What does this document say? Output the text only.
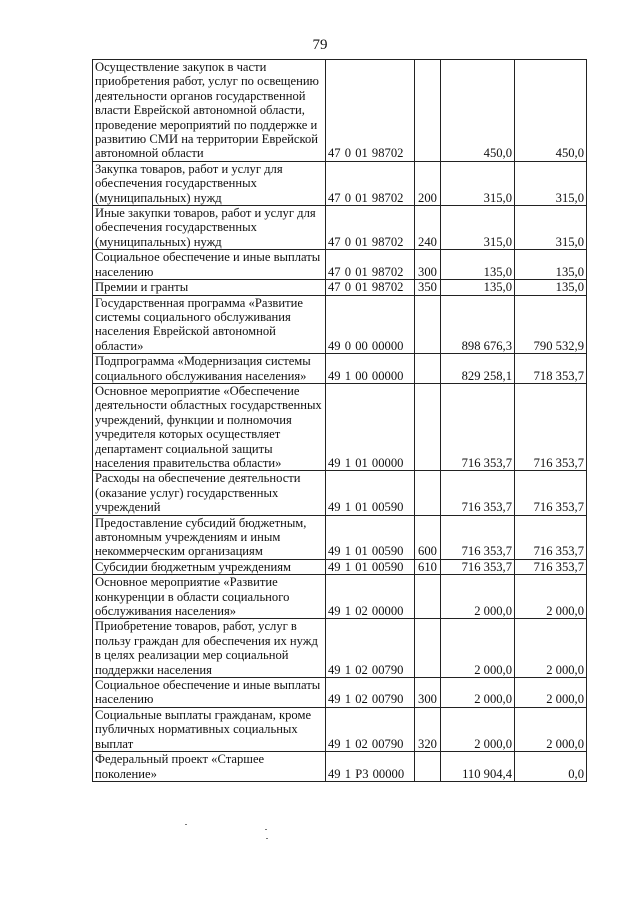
79
Осуществление закупок в части приобретения работ, услуг по освещению деятельности органов государственной власти Еврейской автономной области, проведение мероприятий по поддержке и развитию СМИ на территории Еврейской автономной области	47 0 01 98702		450,0	450,0
Закупка товаров, работ и услуг для обеспечения государственных (муниципальных) нужд	47 0 01 98702	200	315,0	315,0
Иные закупки товаров, работ и услуг для обеспечения государственных (муниципальных) нужд	47 0 01 98702	240	315,0	315,0
Социальное обеспечение и иные выплаты населению	47 0 01 98702	300	135,0	135,0
Премии и гранты	47 0 01 98702	350	135,0	135,0
Государственная программа «Развитие системы социального обслуживания населения Еврейской автономной области»	49 0 00 00000		898 676,3	790 532,9
Подпрограмма «Модернизация системы социального обслуживания населения»	49 1 00 00000		829 258,1	718 353,7
Основное мероприятие «Обеспечение деятельности областных государственных учреждений, функции и полномочия учредителя которых осуществляет департамент социальной защиты населения правительства области»	49 1 01 00000		716 353,7	716 353,7
Расходы на обеспечение деятельности (оказание услуг) государственных учреждений	49 1 01 00590		716 353,7	716 353,7
Предоставление субсидий бюджетным, автономным учреждениям и иным некоммерческим организациям	49 1 01 00590	600	716 353,7	716 353,7
Субсидии бюджетным учреждениям	49 1 01 00590	610	716 353,7	716 353,7
Основное мероприятие «Развитие конкуренции в области социального обслуживания населения»	49 1 02 00000		2 000,0	2 000,0
Приобретение товаров, работ, услуг в пользу граждан для обеспечения их нужд в целях реализации мер социальной поддержки населения	49 1 02 00790		2 000,0	2 000,0
Социальное обеспечение и иные выплаты населению	49 1 02 00790	300	2 000,0	2 000,0
Социальные выплаты гражданам, кроме публичных нормативных социальных выплат	49 1 02 00790	320	2 000,0	2 000,0
Федеральный проект «Старшее поколение»	49 1 P3 00000		110 904,4	0,0
